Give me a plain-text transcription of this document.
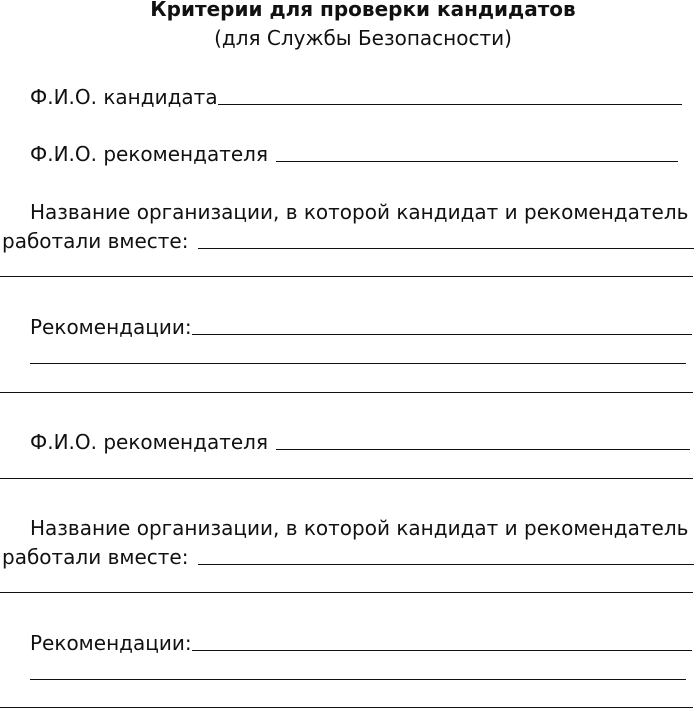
Критерии для проверки кандидатов
(для Службы Безопасности)
Ф.И.О. кандидата
Ф.И.О. рекомендателя
Название организации, в которой кандидат и рекомендатель
работали вместе:
Рекомендации:
Ф.И.О. рекомендателя
Название организации, в которой кандидат и рекомендатель
работали вместе:
Рекомендации:
